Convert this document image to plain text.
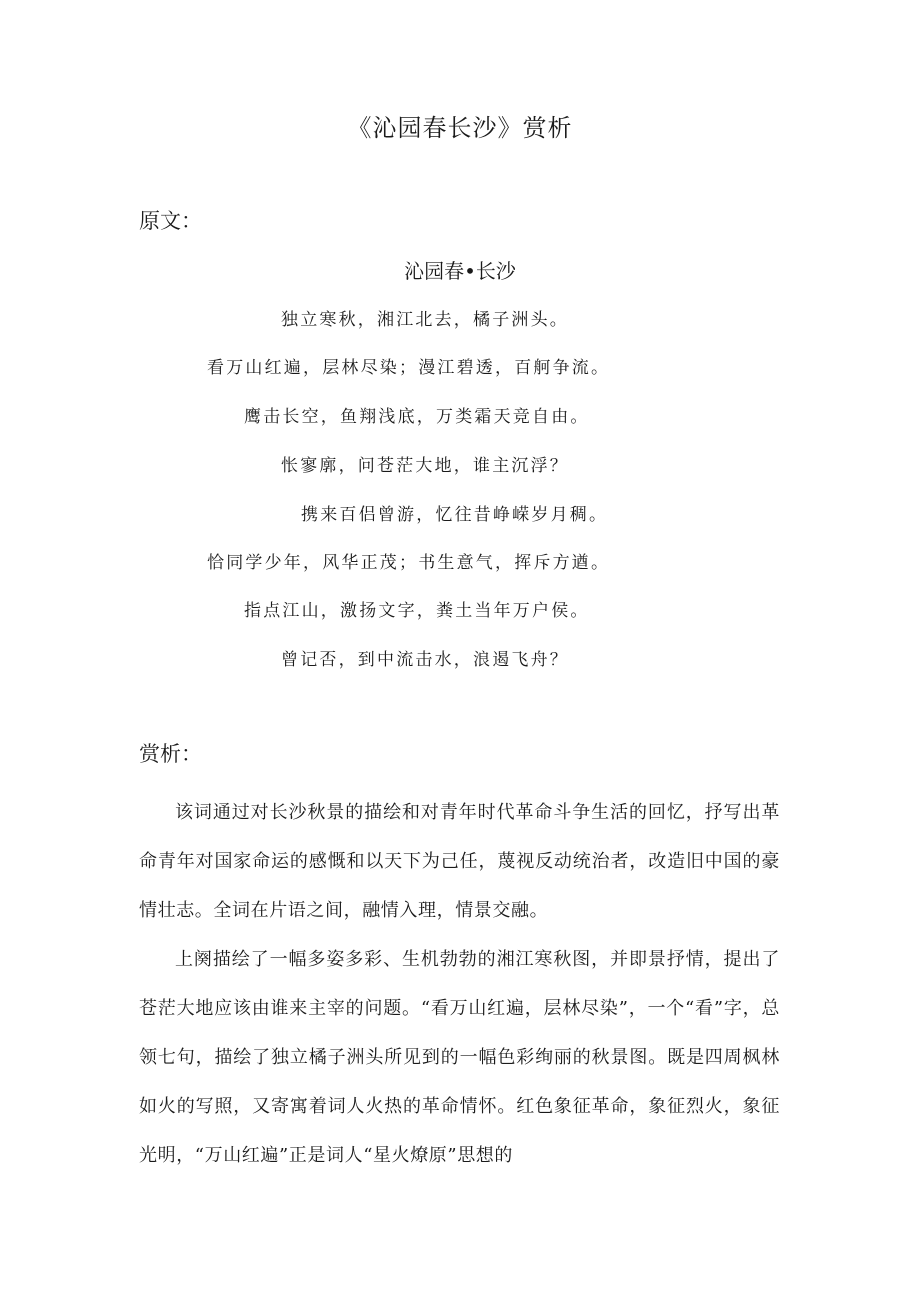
《沁园春长沙》赏析
原文：
沁园春•长沙
独立寒秋，湘江北去，橘子洲头。
看万山红遍，层林尽染；漫江碧透，百舸争流。
鹰击长空，鱼翔浅底，万类霜天竞自由。
怅寥廓，问苍茫大地，谁主沉浮？
携来百侣曾游，忆往昔峥嵘岁月稠。
恰同学少年，风华正茂；书生意气，挥斥方遒。
指点江山，激扬文字，粪土当年万户侯。
曾记否，到中流击水，浪遏飞舟？
赏析：

该词通过对长沙秋景的描绘和对青年时代革命斗争生活的回忆，抒写出革命青年对国家命运的感慨和以天下为己任，蔑视反动统治者，改造旧中国的豪情壮志。全词在片语之间，融情入理，情景交融。

上阕描绘了一幅多姿多彩、生机勃勃的湘江寒秋图，并即景抒情，提出了苍茫大地应该由谁来主宰的问题。“看万山红遍，层林尽染”，一个“看”字，总领七句，描绘了独立橘子洲头所见到的一幅色彩绚丽的秋景图。既是四周枫林如火的写照，又寄寓着词人火热的革命情怀。红色象征革命，象征烈火，象征光明，“万山红遍”正是词人“星火燎原”思想的
